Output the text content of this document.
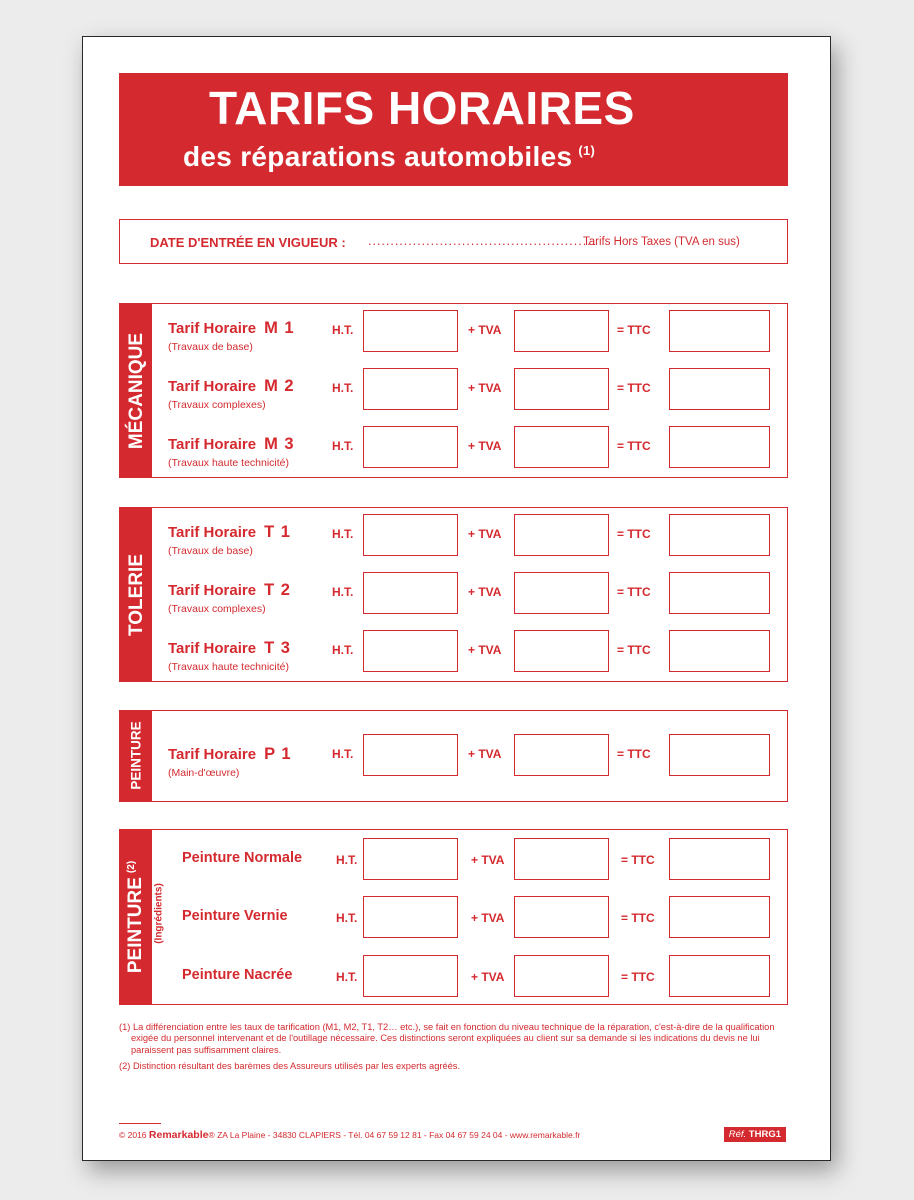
TARIFS HORAIRES
des réparations automobiles $^{(1)}$
DATE D'ENTRÉE EN VIGUEUR : ...................................................
Tarifs Hors Taxes (TVA en sus)
MÉCANIQUE
Tarif Horaire M 1
(Travaux de base)
H.T.	+ TVA	= TTC
Tarif Horaire M 2
(Travaux complexes)
H.T.	+ TVA	= TTC
Tarif Horaire M 3
(Travaux haute technicité)
H.T.	+ TVA	= TTC
TOLERIE
Tarif Horaire T 1
(Travaux de base)
H.T.	+ TVA	= TTC
Tarif Horaire T 2
(Travaux complexes)
H.T.	+ TVA	= TTC
Tarif Horaire T 3
(Travaux haute technicité)
H.T.	+ TVA	= TTC
PEINTURE Tarif Horaire P 1
(Main-d'œuvre)
H.T.	+ TVA	= TTC
PEINTURE$^{(2)}$
(Ingrédients)
Peinture Normale	H.T.	+ TVA	= TTC
Peinture Vernie	H.T.	+ TVA	= TTC
Peinture Nacrée	H.T.	+ TVA	= TTC
(1) La différenciation entre les taux de tarification (M1, M2, T1, T2… etc.), se fait en fonction du niveau technique de la réparation, c'est-à-dire de la qualification exigée du personnel intervenant et de l'outillage nécessaire. Ces distinctions seront expliquées au client sur sa demande si les indications du devis ne lui paraissent pas suffisamment claires.
(2) Distinction résultant des barèmes des Assureurs utilisés par les experts agréés.
© 2016 Remarkable® ZA La Plaine - 34830 CLAPIERS - Tél. 04 67 59 12 81 - Fax 04 67 59 24 04 - www.remarkable.fr	Réf. THRG1
